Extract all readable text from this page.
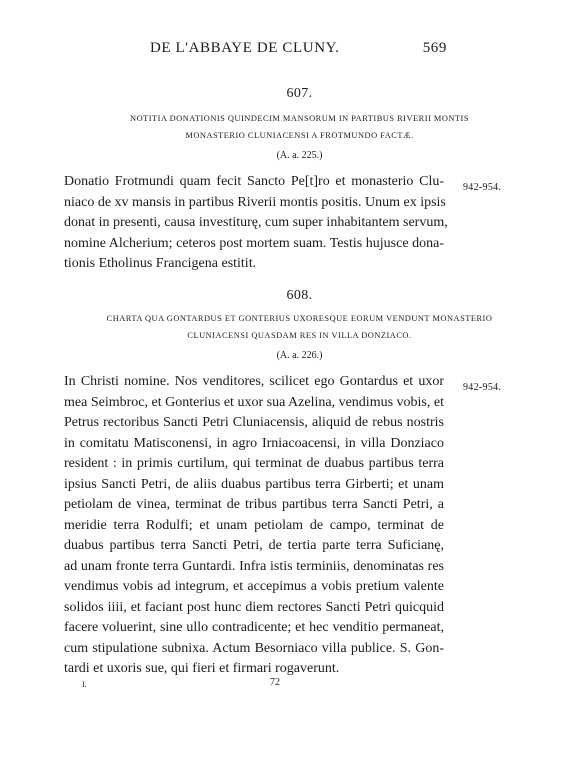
DE L'ABBAYE DE CLUNY.	569
607.
NOTITIA DONATIONIS QUINDECIM MANSORUM IN PARTIBUS RIVERII MONTIS
MONASTERIO CLUNIACENSI A FROTMUNDO FACTÆ.
(A. a. 225.)
942-954.
Donatio Frotmundi quam fecit Sancto Pe[t]ro et monasterio Clu-
niaco de xv mansis in partibus Riverii montis positis. Unum ex ipsis
donat in presenti, causa investiturę, cum super inhabitantem servum,
nomine Alcherium; ceteros post mortem suam. Testis hujusce dona-
tionis Etholinus Francigena estitit.
608.
CHARTA QUA GONTARDUS ET GONTERIUS UXORESQUE EORUM VENDUNT MONASTERIO
CLUNIACENSI QUASDAM RES IN VILLA DONZIACO.
(A. a. 226.)
942-954.
In Christi nomine. Nos venditores, scilicet ego Gontardus et uxor
mea Seimbroc, et Gonterius et uxor sua Azelina, vendimus vobis, et
Petrus rectoribus Sancti Petri Cluniacensis, aliquid de rebus nostris
in comitatu Matisconensi, in agro Irniacoacensi, in villa Donziaco
resident : in primis curtilum, qui terminat de duabus partibus terra
ipsius Sancti Petri, de aliis duabus partibus terra Girberti; et unam
petiolam de vinea, terminat de tribus partibus terra Sancti Petri, a
meridie terra Rodulfi; et unam petiolam de campo, terminat de
duabus partibus terra Sancti Petri, de tertia parte terra Suficianę,
ad unam fronte terra Guntardi. Infra istis terminiis, denominatas res
vendimus vobis ad integrum, et accepimus a vobis pretium valente
solidos iiii, et faciant post hunc diem rectores Sancti Petri quicquid
facere voluerint, sine ullo contradicente; et hec venditio permaneat,
cum stipulatione subnixa. Actum Besorniaco villa publice. S. Gon-
tardi et uxoris sue, qui fieri et firmari rogaverunt.
I.	72
